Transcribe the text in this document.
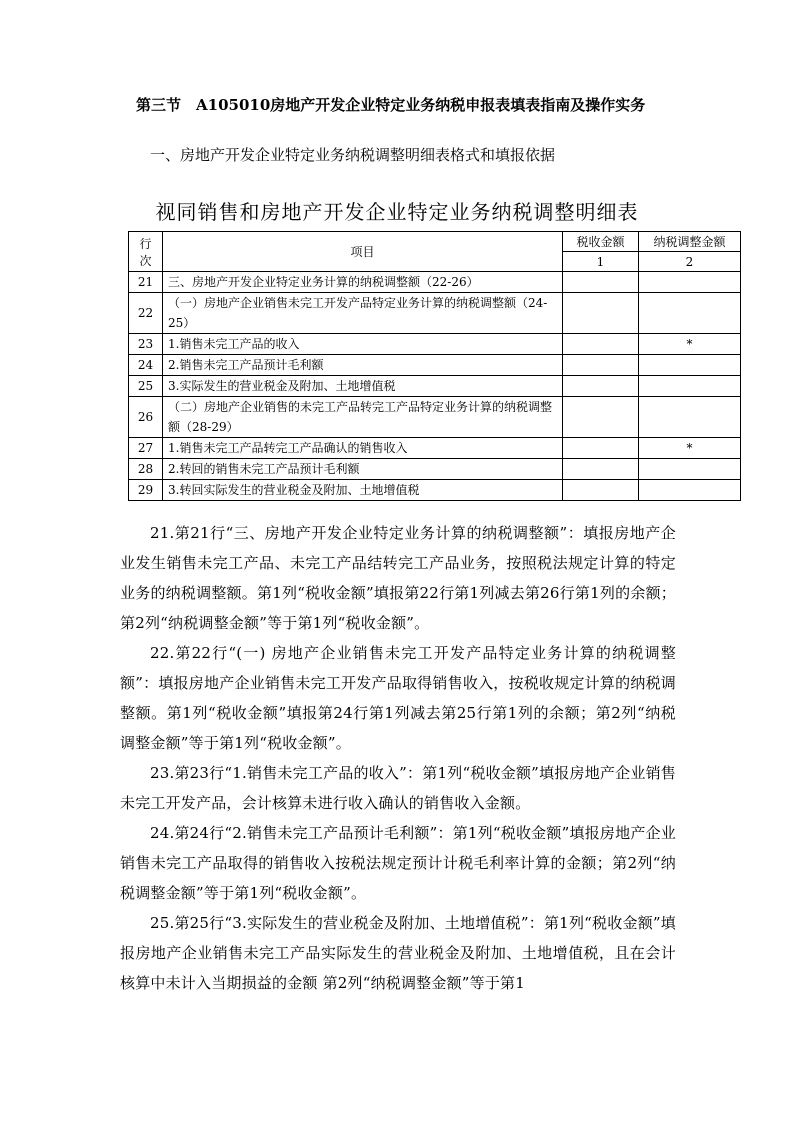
第三节　A105010房地产开发企业特定业务纳税申报表填表指南及操作实务
一、房地产开发企业特定业务纳税调整明细表格式和填报依据
视同销售和房地产开发企业特定业务纳税调整明细表
行次	项目	税收金额	纳税调整金额
		1	2
21	三、房地产开发企业特定业务计算的纳税调整额（22-26）		
22	（一）房地产企业销售未完工开发产品特定业务计算的纳税调整额（24-25）		
23	1.销售未完工产品的收入		*
24	2.销售未完工产品预计毛利额		
25	3.实际发生的营业税金及附加、土地增值税		
26	（二）房地产企业销售的未完工产品转完工产品特定业务计算的纳税调整额（28-29）		
27	1.销售未完工产品转完工产品确认的销售收入		*
28	2.转回的销售未完工产品预计毛利额		
29	3.转回实际发生的营业税金及附加、土地增值税		

21.第21行“三、房地产开发企业特定业务计算的纳税调整额”：填报房地产企业发生销售未完工产品、未完工产品结转完工产品业务，按照税法规定计算的特定业务的纳税调整额。第1列“税收金额”填报第22行第1列减去第26行第1列的余额；第2列“纳税调整金额”等于第1列“税收金额”。

22.第22行“(一) 房地产企业销售未完工开发产品特定业务计算的纳税调整额”：填报房地产企业销售未完工开发产品取得销售收入，按税收规定计算的纳税调整额。第1列“税收金额”填报第24行第1列减去第25行第1列的余额；第2列“纳税调整金额”等于第1列“税收金额”。

23.第23行“1.销售未完工产品的收入”：第1列“税收金额”填报房地产企业销售未完工开发产品，会计核算未进行收入确认的销售收入金额。

24.第24行“2.销售未完工产品预计毛利额”：第1列“税收金额”填报房地产企业销售未完工产品取得的销售收入按税法规定预计计税毛利率计算的金额；第2列“纳税调整金额”等于第1列“税收金额”。

25.第25行“3.实际发生的营业税金及附加、土地增值税”：第1列“税收金额”填报房地产企业销售未完工产品实际发生的营业税金及附加、土地增值税，且在会计核算中未计入当期损益的金额 第2列“纳税调整金额”等于第1
